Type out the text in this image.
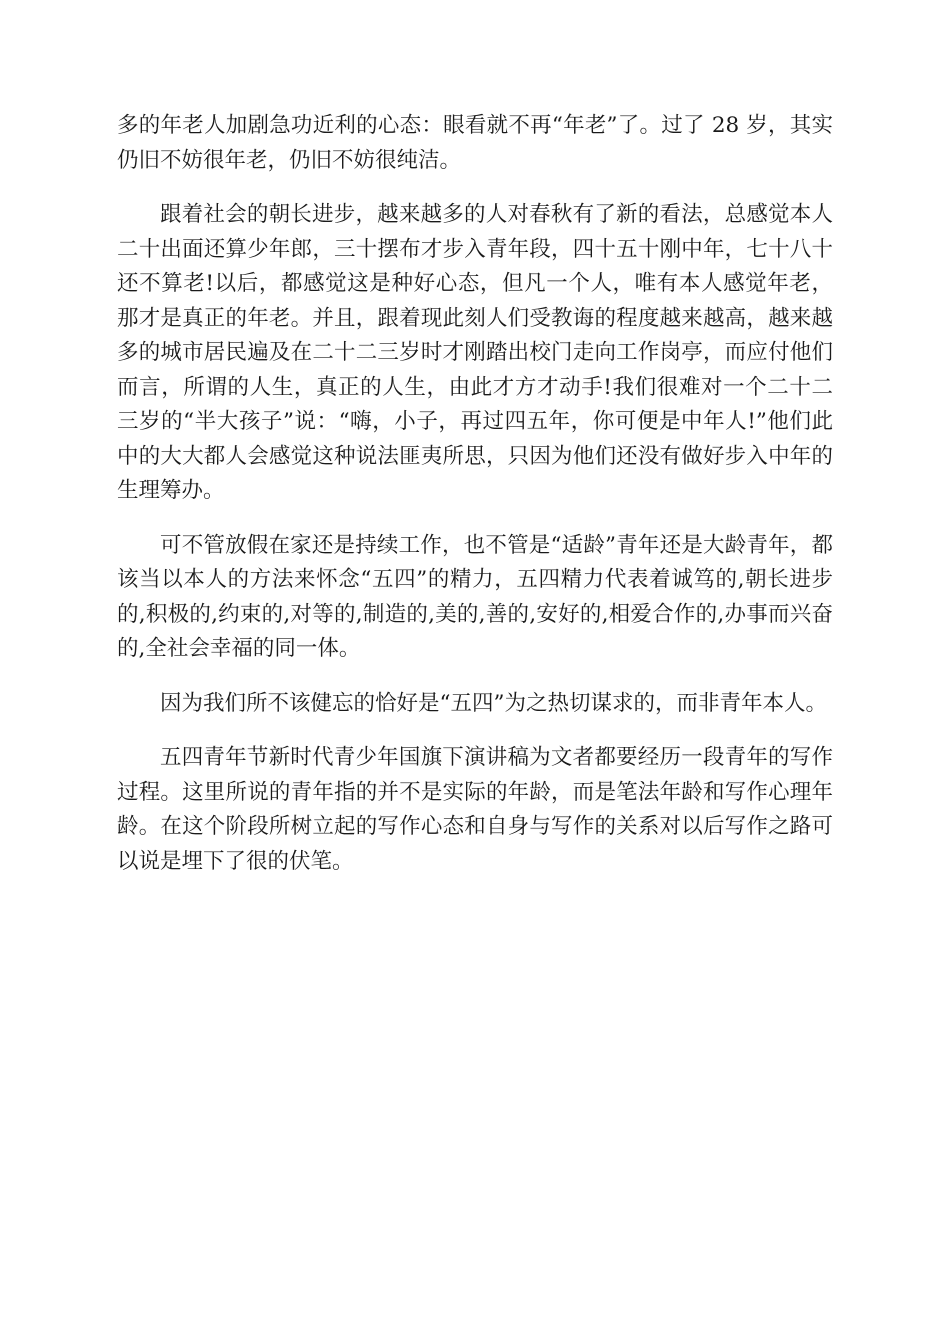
多的年老人加剧急功近利的心态：眼看就不再“年老”了。过了 28 岁，其实仍旧不妨很年老，仍旧不妨很纯洁。

跟着社会的朝长进步，越来越多的人对春秋有了新的看法，总感觉本人二十出面还算少年郎，三十摆布才步入青年段，四十五十刚中年，七十八十还不算老!以后，都感觉这是种好心态，但凡一个人，唯有本人感觉年老，那才是真正的年老。并且，跟着现此刻人们受教诲的程度越来越高，越来越多的城市居民遍及在二十二三岁时才刚踏出校门走向工作岗亭，而应付他们而言，所谓的人生，真正的人生，由此才方才动手!我们很难对一个二十二三岁的“半大孩子”说：“嗨，小子，再过四五年，你可便是中年人!”他们此中的大大都人会感觉这种说法匪夷所思，只因为他们还没有做好步入中年的生理筹办。

可不管放假在家还是持续工作，也不管是“适龄”青年还是大龄青年，都该当以本人的方法来怀念“五四”的精力，五四精力代表着诚笃的,朝长进步的,积极的,约束的,对等的,制造的,美的,善的,安好的,相爱合作的,办事而兴奋的,全社会幸福的同一体。

因为我们所不该健忘的恰好是“五四”为之热切谋求的，而非青年本人。

五四青年节新时代青少年国旗下演讲稿为文者都要经历一段青年的写作过程。这里所说的青年指的并不是实际的年龄，而是笔法年龄和写作心理年龄。在这个阶段所树立起的写作心态和自身与写作的关系对以后写作之路可以说是埋下了很的伏笔。
